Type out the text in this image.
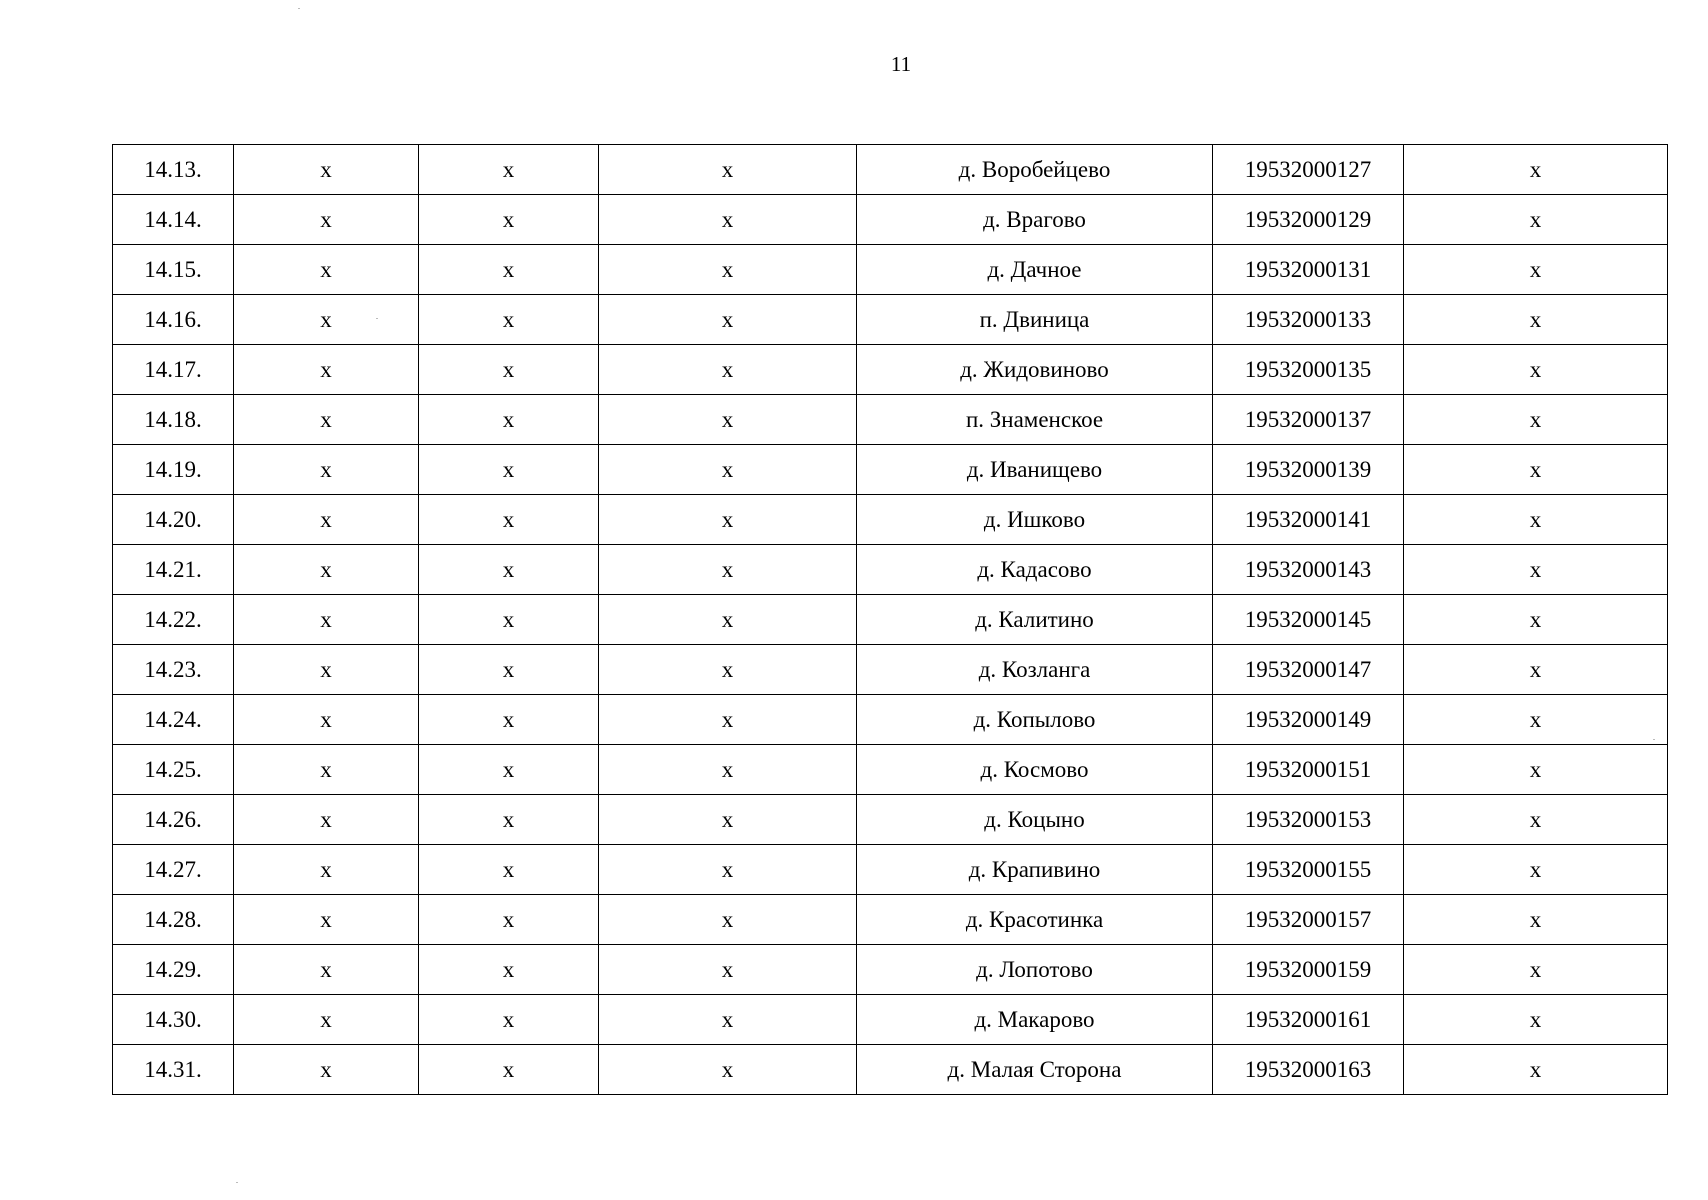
11
14.13.	x	x	x	д. Воробейцево	19532000127	x
14.14.	x	x	x	д. Врагово	19532000129	x
14.15.	x	x	x	д. Дачное	19532000131	x
14.16.	x	x	x	п. Двиница	19532000133	x
14.17.	x	x	x	д. Жидовиново	19532000135	x
14.18.	x	x	x	п. Знаменское	19532000137	x
14.19.	x	x	x	д. Иванищево	19532000139	x
14.20.	x	x	x	д. Ишково	19532000141	x
14.21.	x	x	x	д. Кадасово	19532000143	x
14.22.	x	x	x	д. Калитино	19532000145	x
14.23.	x	x	x	д. Козланга	19532000147	x
14.24.	x	x	x	д. Копылово	19532000149	x
14.25.	x	x	x	д. Космово	19532000151	x
14.26.	x	x	x	д. Коцыно	19532000153	x
14.27.	x	x	x	д. Крапивино	19532000155	x
14.28.	x	x	x	д. Красотинка	19532000157	x
14.29.	x	x	x	д. Лопотово	19532000159	x
14.30.	x	x	x	д. Макарово	19532000161	x
14.31.	x	x	x	д. Малая Сторона	19532000163	x
